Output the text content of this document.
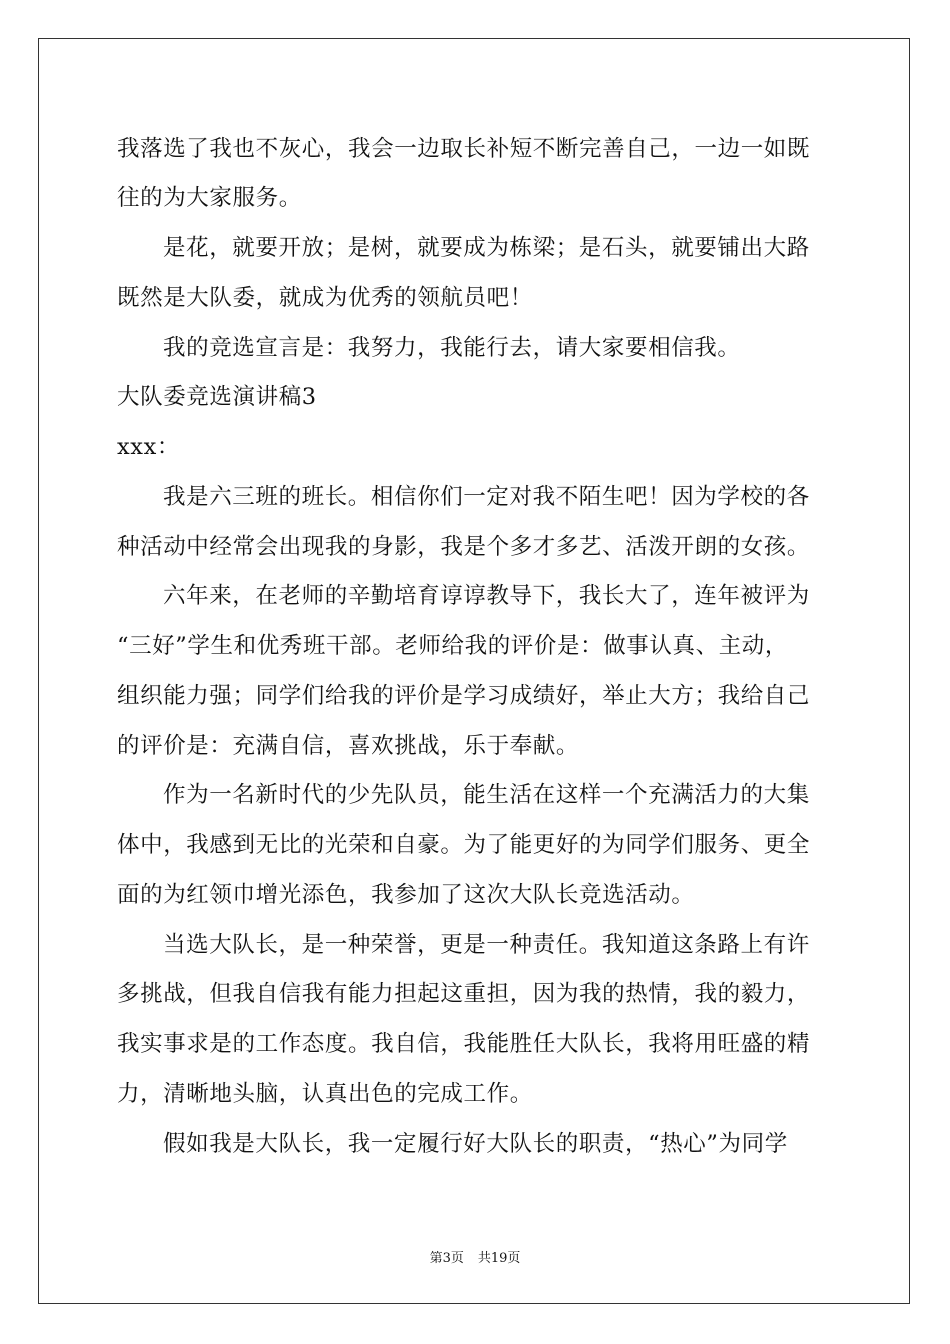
我落选了我也不灰心，我会一边取长补短不断完善自己，一边一如既
往的为大家服务。
是花，就要开放；是树，就要成为栋梁；是石头，就要铺出大路
既然是大队委，就成为优秀的领航员吧！
我的竞选宣言是：我努力，我能行去，请大家要相信我。
大队委竞选演讲稿3
xxx：
我是六三班的班长。相信你们一定对我不陌生吧！因为学校的各
种活动中经常会出现我的身影，我是个多才多艺、活泼开朗的女孩。
六年来，在老师的辛勤培育谆谆教导下，我长大了，连年被评为
“三好”学生和优秀班干部。老师给我的评价是：做事认真、主动，
组织能力强；同学们给我的评价是学习成绩好，举止大方；我给自己
的评价是：充满自信，喜欢挑战，乐于奉献。
作为一名新时代的少先队员，能生活在这样一个充满活力的大集
体中，我感到无比的光荣和自豪。为了能更好的为同学们服务、更全
面的为红领巾增光添色，我参加了这次大队长竞选活动。
当选大队长，是一种荣誉，更是一种责任。我知道这条路上有许
多挑战，但我自信我有能力担起这重担，因为我的热情，我的毅力，
我实事求是的工作态度。我自信，我能胜任大队长，我将用旺盛的精
力，清晰地头脑，认真出色的完成工作。
假如我是大队长，我一定履行好大队长的职责，“热心”为同学
第3页 共19页
